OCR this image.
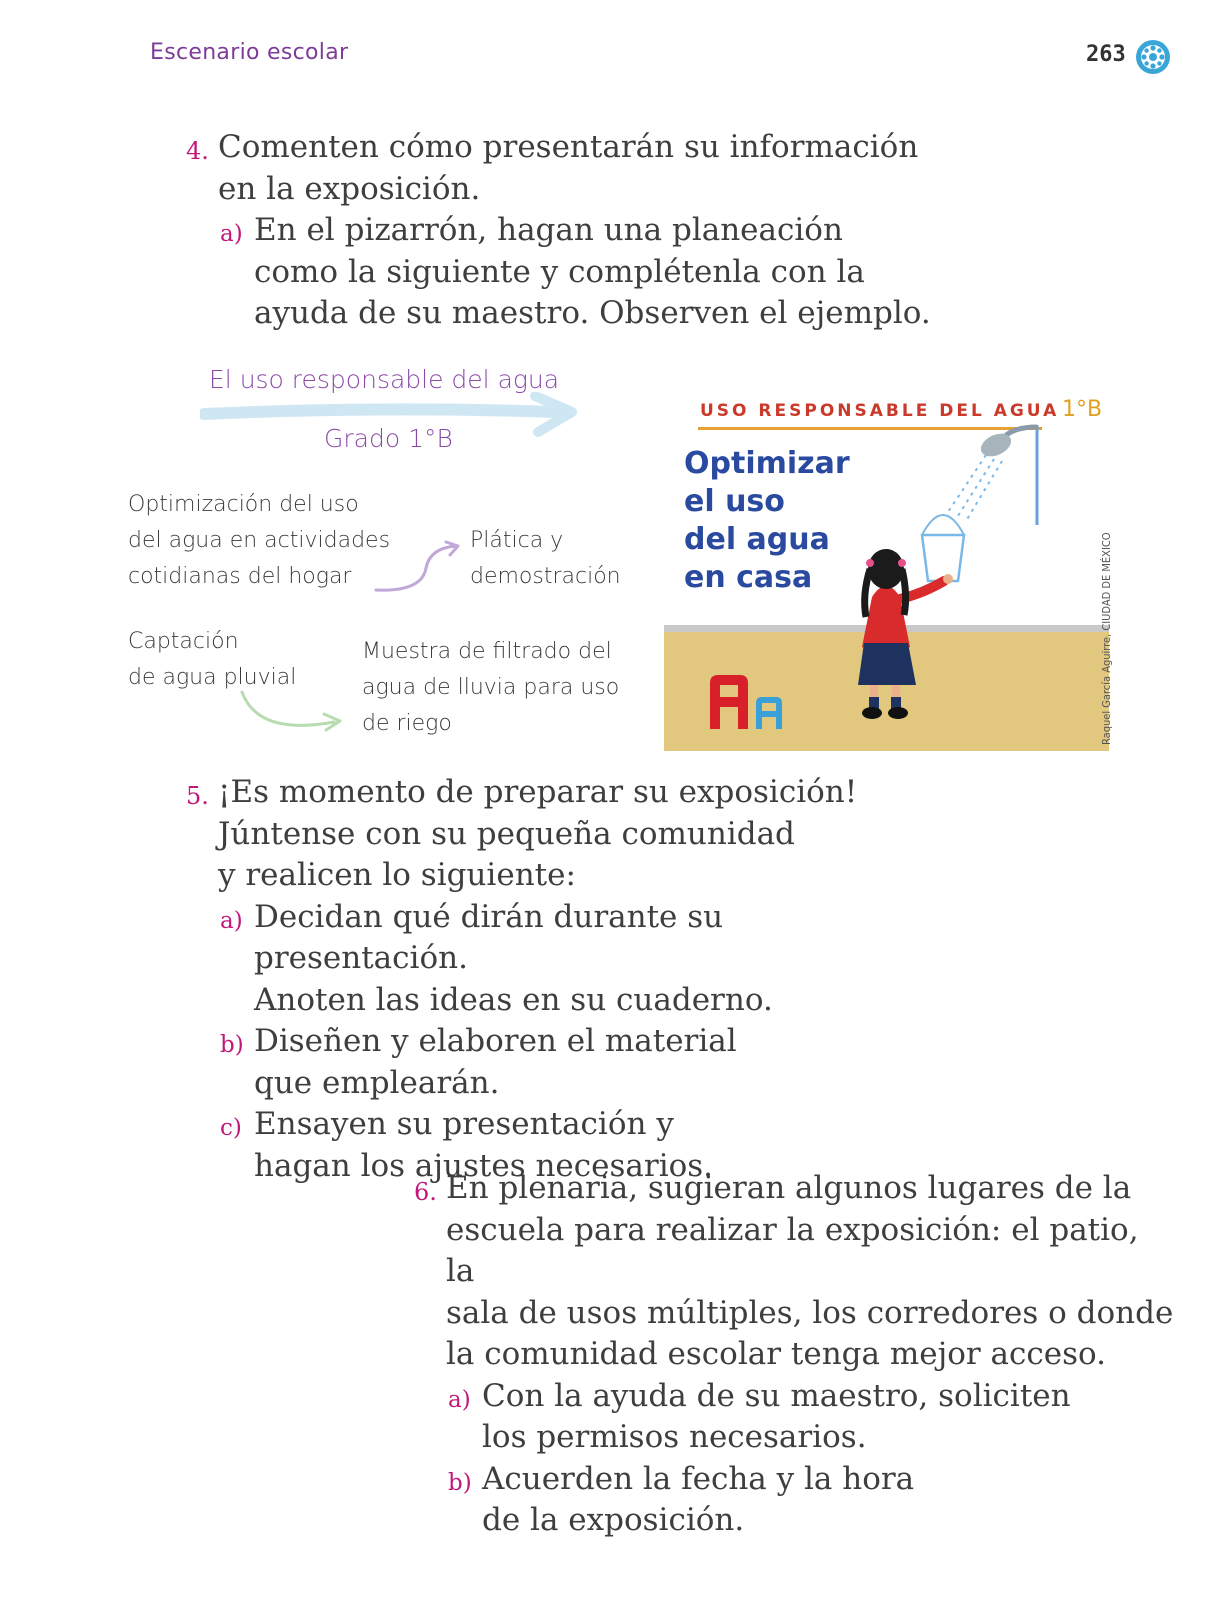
Escenario escolar	263
4. Comenten cómo presentarán su información
en la exposición.
a) En el pizarrón, hagan una planeación
como la siguiente y complétenla con la
ayuda de su maestro. Observen el ejemplo.
El uso responsable del agua
Grado 1°B
Optimización del uso
del agua en actividades
cotidianas del hogar
Plática y
demostración
Captación
de agua pluvial
Muestra de filtrado del
agua de lluvia para uso
de riego
USO RESPONSABLE DEL AGUA 1°B
Optimizar
el uso
del agua
en casa	Raquel García Aguirre, CIUDAD DE MÉXICO
5. ¡Es momento de preparar su exposición!
Júntense con su pequeña comunidad
y realicen lo siguiente:
a) Decidan qué dirán durante su presentación.
Anoten las ideas en su cuaderno.
b) Diseñen y elaboren el material
que emplearán.
c) Ensayen su presentación y
hagan los ajustes necesarios.
6. En plenaria, sugieran algunos lugares de la
escuela para realizar la exposición: el patio, la
sala de usos múltiples, los corredores o donde
la comunidad escolar tenga mejor acceso.
a) Con la ayuda de su maestro, soliciten
los permisos necesarios.
b) Acuerden la fecha y la hora
de la exposición.
